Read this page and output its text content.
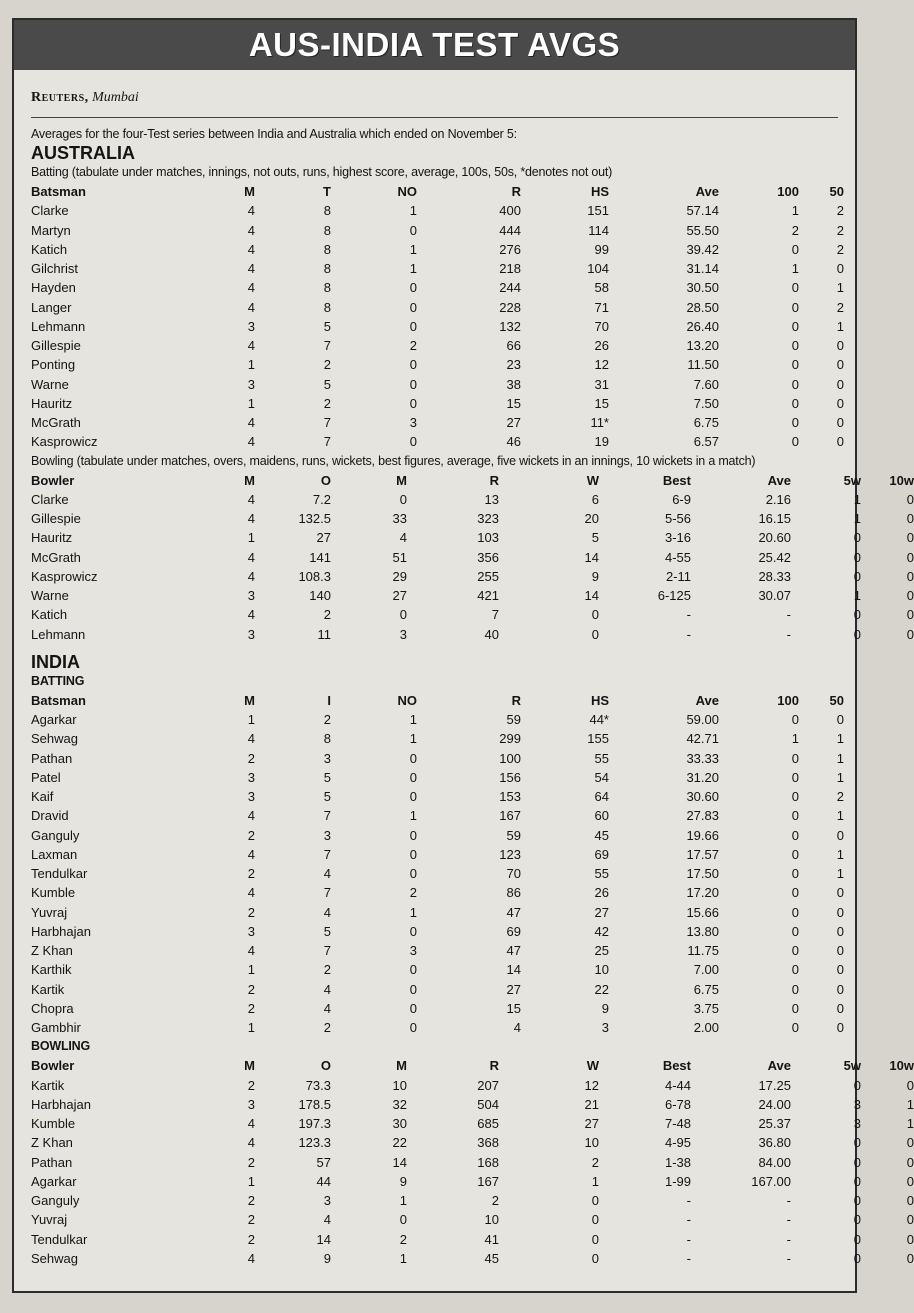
AUS-INDIA TEST AVGS
Reuters, Mumbai
Averages for the four-Test series between India and Australia which ended on November 5:
AUSTRALIA
Batting (tabulate under matches, innings, not outs, runs, highest score, average, 100s, 50s, *denotes not out)
Batsman	M	T	NO	R	HS	Ave	100	50
Clarke	4	8	1	400	151	57.14	1	2
Martyn	4	8	0	444	114	55.50	2	2
Katich	4	8	1	276	99	39.42	0	2
Gilchrist	4	8	1	218	104	31.14	1	0
Hayden	4	8	0	244	58	30.50	0	1
Langer	4	8	0	228	71	28.50	0	2
Lehmann	3	5	0	132	70	26.40	0	1
Gillespie	4	7	2	66	26	13.20	0	0
Ponting	1	2	0	23	12	11.50	0	0
Warne	3	5	0	38	31	7.60	0	0
Hauritz	1	2	0	15	15	7.50	0	0
McGrath	4	7	3	27	11*	6.75	0	0
Kasprowicz	4	7	0	46	19	6.57	0	0
Bowling (tabulate under matches, overs, maidens, runs, wickets, best figures, average, five wickets in an innings, 10 wickets in a match)
Bowler	M	O	M	R	W	Best	Ave	5w	10w
Clarke	4	7.2	0	13	6	6-9	2.16	1	0
Gillespie	4	132.5	33	323	20	5-56	16.15	1	0
Hauritz	1	27	4	103	5	3-16	20.60	0	0
McGrath	4	141	51	356	14	4-55	25.42	0	0
Kasprowicz	4	108.3	29	255	9	2-11	28.33	0	0
Warne	3	140	27	421	14	6-125	30.07	1	0
Katich	4	2	0	7	0	-	-	0	0
Lehmann	3	11	3	40	0	-	-	0	0
INDIA
BATTING
Batsman	M	I	NO	R	HS	Ave	100	50
Agarkar	1	2	1	59	44*	59.00	0	0
Sehwag	4	8	1	299	155	42.71	1	1
Pathan	2	3	0	100	55	33.33	0	1
Patel	3	5	0	156	54	31.20	0	1
Kaif	3	5	0	153	64	30.60	0	2
Dravid	4	7	1	167	60	27.83	0	1
Ganguly	2	3	0	59	45	19.66	0	0
Laxman	4	7	0	123	69	17.57	0	1
Tendulkar	2	4	0	70	55	17.50	0	1
Kumble	4	7	2	86	26	17.20	0	0
Yuvraj	2	4	1	47	27	15.66	0	0
Harbhajan	3	5	0	69	42	13.80	0	0
Z Khan	4	7	3	47	25	11.75	0	0
Karthik	1	2	0	14	10	7.00	0	0
Kartik	2	4	0	27	22	6.75	0	0
Chopra	2	4	0	15	9	3.75	0	0
Gambhir	1	2	0	4	3	2.00	0	0
BOWLING
Bowler	M	O	M	R	W	Best	Ave	5w	10w
Kartik	2	73.3	10	207	12	4-44	17.25	0	0
Harbhajan	3	178.5	32	504	21	6-78	24.00	3	1
Kumble	4	197.3	30	685	27	7-48	25.37	3	1
Z Khan	4	123.3	22	368	10	4-95	36.80	0	0
Pathan	2	57	14	168	2	1-38	84.00	0	0
Agarkar	1	44	9	167	1	1-99	167.00	0	0
Ganguly	2	3	1	2	0	-	-	0	0
Yuvraj	2	4	0	10	0	-	-	0	0
Tendulkar	2	14	2	41	0	-	-	0	0
Sehwag	4	9	1	45	0	-	-	0	0
